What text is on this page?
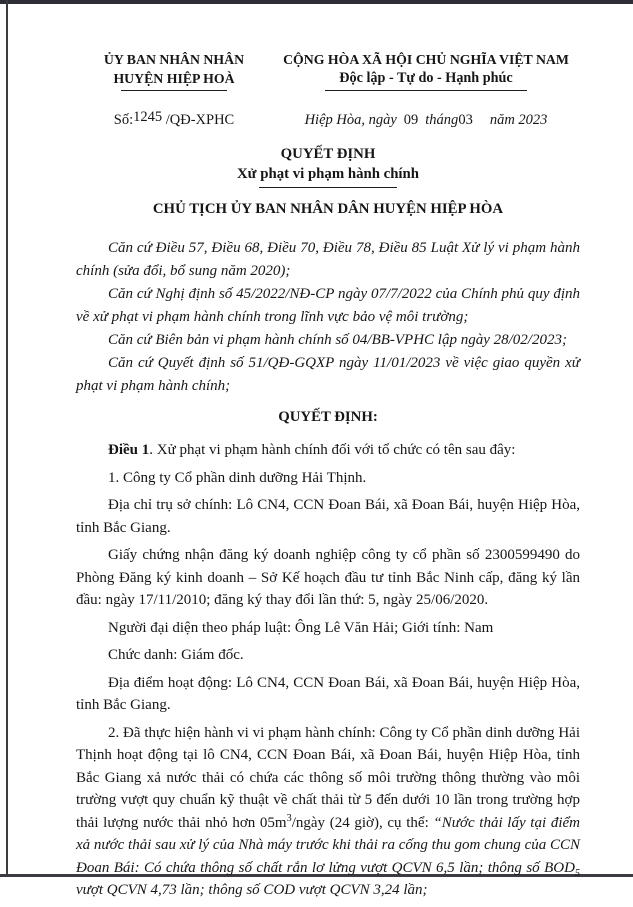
ỦY BAN NHÂN NHÂN
HUYỆN HIỆP HOÀ
CỘNG HÒA XÃ HỘI CHỦ NGHĨA VIỆT NAM
Độc lập - Tự do - Hạnh phúc
Số:1245 /QĐ-XPHC	Hiệp Hòa, ngày 09 tháng03 năm 2023
QUYẾT ĐỊNH
Xử phạt vi phạm hành chính
CHỦ TỊCH ỦY BAN NHÂN DÂN HUYỆN HIỆP HÒA

Căn cứ Điều 57, Điều 68, Điều 70, Điều 78, Điều 85 Luật Xử lý vi phạm hành chính (sửa đổi, bổ sung năm 2020);

Căn cứ Nghị định số 45/2022/NĐ-CP ngày 07/7/2022 của Chính phủ quy định về xử phạt vi phạm hành chính trong lĩnh vực bảo vệ môi trường;

Căn cứ Biên bản vi phạm hành chính số 04/BB-VPHC lập ngày 28/02/2023;

Căn cứ Quyết định số 51/QĐ-GQXP ngày 11/01/2023 về việc giao quyền xử phạt vi phạm hành chính;

QUYẾT ĐỊNH:

Điều 1. Xử phạt vi phạm hành chính đối với tổ chức có tên sau đây:

1. Công ty Cổ phần dinh dưỡng Hải Thịnh.

Địa chỉ trụ sở chính: Lô CN4, CCN Đoan Bái, xã Đoan Bái, huyện Hiệp Hòa, tỉnh Bắc Giang.

Giấy chứng nhận đăng ký doanh nghiệp công ty cổ phần số 2300599490 do Phòng Đăng ký kinh doanh – Sở Kế hoạch đầu tư tỉnh Bắc Ninh cấp, đăng ký lần đầu: ngày 17/11/2010; đăng ký thay đổi lần thứ: 5, ngày 25/06/2020.

Người đại diện theo pháp luật: Ông Lê Văn Hải; Giới tính: Nam

Chức danh: Giám đốc.

Địa điểm hoạt động: Lô CN4, CCN Đoan Bái, xã Đoan Bái, huyện Hiệp Hòa, tỉnh Bắc Giang.

2. Đã thực hiện hành vi vi phạm hành chính: Công ty Cổ phần dinh dưỡng Hải Thịnh hoạt động tại lô CN4, CCN Đoan Bái, xã Đoan Bái, huyện Hiệp Hòa, tỉnh Bắc Giang xả nước thải có chứa các thông số môi trường thông thường vào môi trường vượt quy chuẩn kỹ thuật về chất thải từ 5 đến dưới 10 lần trong trường hợp thải lượng nước thải nhỏ hơn $05m^3$/ngày (24 giờ), cụ thể: “Nước thải lấy tại điểm xả nước thải sau xử lý của Nhà máy trước khi thải ra cống thu gom chung của CCN Đoan Bái: Có chứa thông số chất rắn lơ lửng vượt QCVN 6,5 lần; thông số $BOD_5$ vượt QCVN 4,73 lần; thông số COD vượt QCVN 3,24 lần;
